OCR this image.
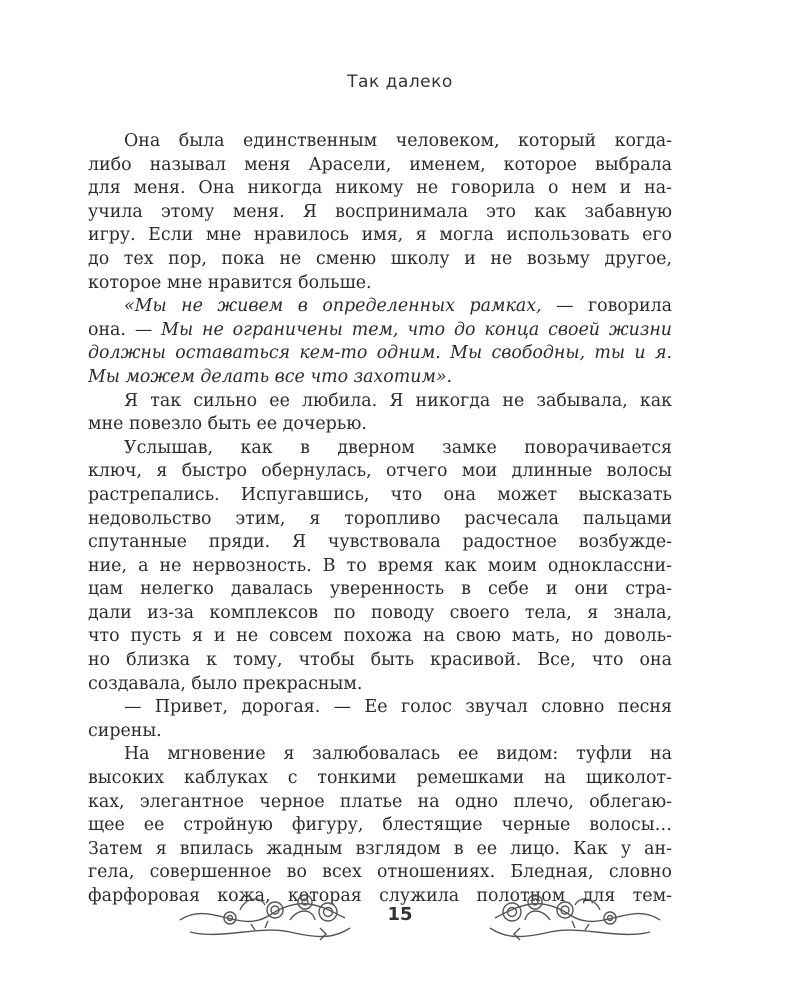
Так далеко
Она была единственным человеком, который когда-
либо называл меня Арасели, именем, которое выбрала
для меня. Она никогда никому не говорила о нем и на-
учила этому меня. Я воспринимала это как забавную
игру. Если мне нравилось имя, я могла использовать его
до тех пор, пока не сменю школу и не возьму другое,
которое мне нравится больше.
«Мы не живем в определенных рамках, — говорила
она. — Мы не ограничены тем, что до конца своей жизни
должны оставаться кем-то одним. Мы свободны, ты и я.
Мы можем делать все что захотим».
Я так сильно ее любила. Я никогда не забывала, как
мне повезло быть ее дочерью.
Услышав, как в дверном замке поворачивается
ключ, я быстро обернулась, отчего мои длинные волосы
растрепались. Испугавшись, что она может высказать
недовольство этим, я торопливо расчесала пальцами
спутанные пряди. Я чувствовала радостное возбужде-
ние, а не нервозность. В то время как моим одноклассни-
цам нелегко давалась уверенность в себе и они стра-
дали из-за комплексов по поводу своего тела, я знала,
что пусть я и не совсем похожа на свою мать, но доволь-
но близка к тому, чтобы быть красивой. Все, что она
создавала, было прекрасным.
— Привет, дорогая. — Ее голос звучал словно песня
сирены.
На мгновение я залюбовалась ее видом: туфли на
высоких каблуках с тонкими ремешками на щиколот-
ках, элегантное черное платье на одно плечо, облегаю-
щее ее стройную фигуру, блестящие черные волосы…
Затем я впилась жадным взглядом в ее лицо. Как у ан-
гела, совершенное во всех отношениях. Бледная, словно
фарфоровая кожа, которая служила полотном для тем-
15
